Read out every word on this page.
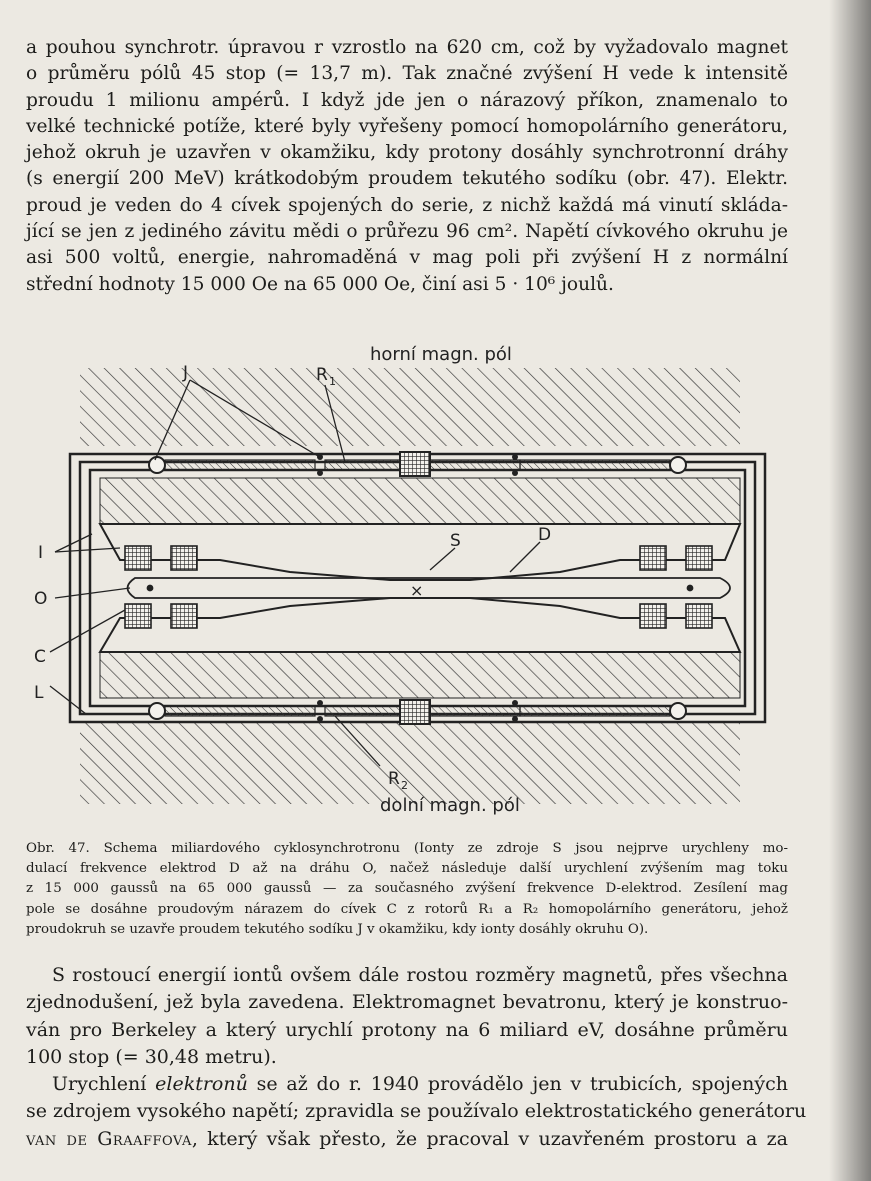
a pouhou synchrotr. úpravou r vzrostlo na 620 cm, což by vyžadovalo magnet
o průměru pólů 45 stop (= 13,7 m). Tak značné zvýšení H vede k intensitě
proudu 1 milionu ampérů. I když jde jen o nárazový příkon, znamenalo to
velké technické potíže, které byly vyřešeny pomocí homopolárního generátoru,
jehož okruh je uzavřen v okamžiku, kdy protony dosáhly synchrotronní dráhy
(s energií 200 MeV) krátkodobým proudem tekutého sodíku (obr. 47). Elektr.
proud je veden do 4 cívek spojených do serie, z nichž každá má vinutí skláda-
jící se jen z jediného závitu mědi o průřezu 96 cm². Napětí cívkového okruhu je
asi 500 voltů, energie, nahromaděná v mag poli při zvýšení H z normální
střední hodnoty 15 000 Oe na 65 000 Oe, činí asi 5 · 10⁶ joulů.
horní magn. pól
dolní magn. pól
J	R 1
R 2
I
O
C
L
S	D
×
Obr. 47. Schema miliardového cyklosynchrotronu (Ionty ze zdroje S jsou nejprve urychleny mo-
dulací frekvence elektrod D až na dráhu O, načež následuje další urychlení zvýšením mag toku
z 15 000 gaussů na 65 000 gaussů — za současného zvýšení frekvence D-elektrod. Zesílení mag
pole se dosáhne proudovým nárazem do cívek C z rotorů R₁ a R₂ homopolárního generátoru, jehož
proudokruh se uzavře proudem tekutého sodíku J v okamžiku, kdy ionty dosáhly okruhu O).
S rostoucí energií iontů ovšem dále rostou rozměry magnetů, přes všechna
zjednodušení, jež byla zavedena. Elektromagnet bevatronu, který je konstruo-
ván pro Berkeley a který urychlí protony na 6 miliard eV, dosáhne průměru
100 stop (= 30,48 metru).
Urychlení elektronů se až do r. 1940 provádělo jen v trubicích, spojených
se zdrojem vysokého napětí; zpravidla se používalo elektrostatického generátoru
van de Graaffova, který však přesto, že pracoval v uzavřeném prostoru a za
